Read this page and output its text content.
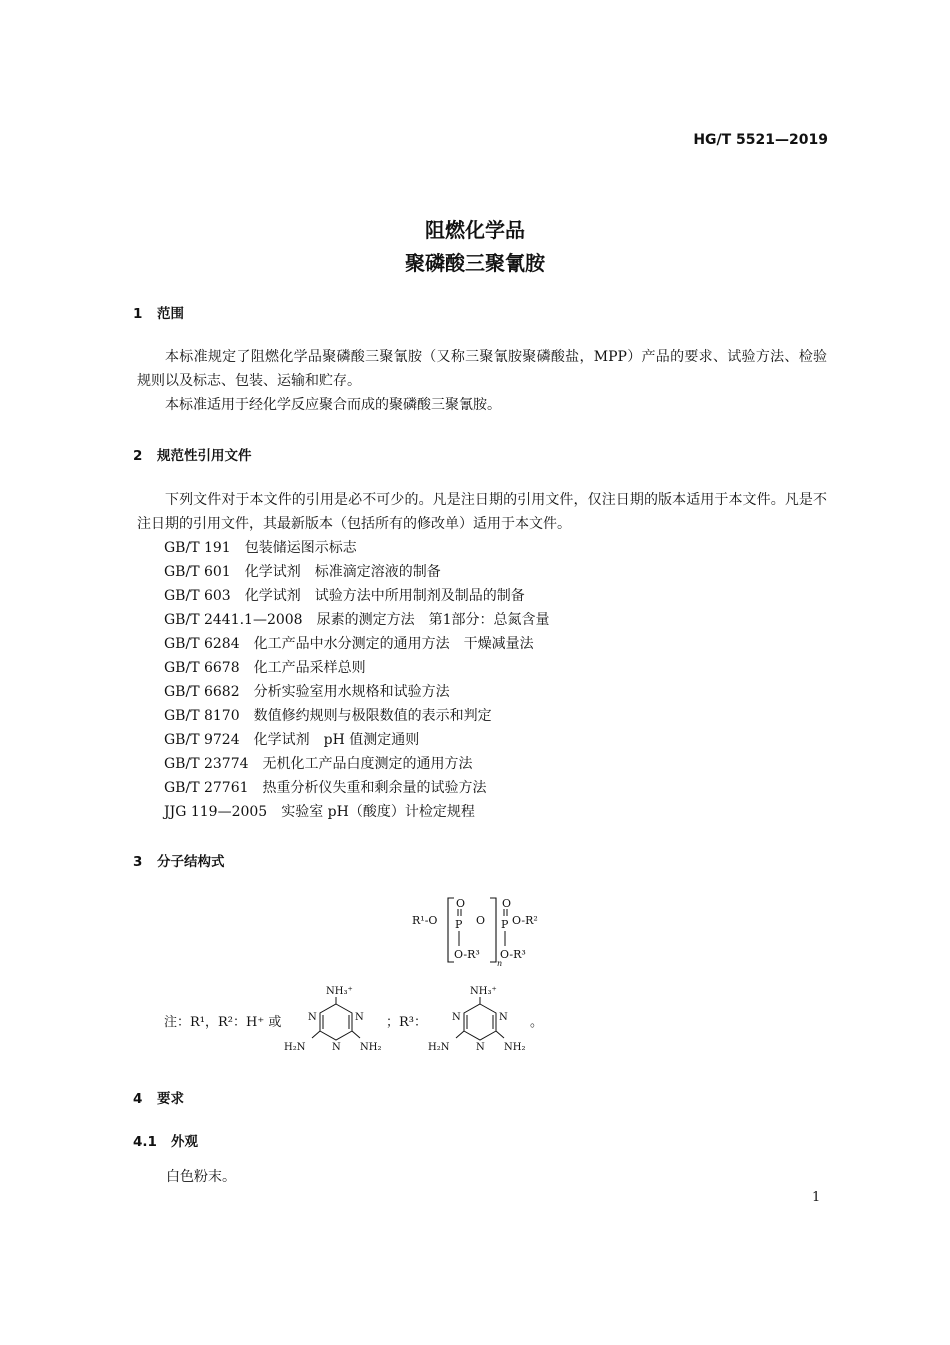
HG/T 5521—2019
阻燃化学品
聚磷酸三聚氰胺
1 范围

本标准规定了阻燃化学品聚磷酸三聚氰胺（又称三聚氰胺聚磷酸盐，MPP）产品的要求、试验方法、检验规则以及标志、包装、运输和贮存。

本标准适用于经化学反应聚合而成的聚磷酸三聚氰胺。

2 规范性引用文件

下列文件对于本文件的引用是必不可少的。凡是注日期的引用文件，仅注日期的版本适用于本文件。凡是不注日期的引用文件，其最新版本（包括所有的修改单）适用于本文件。

GB/T 191 包装储运图示标志
GB/T 601 化学试剂　标准滴定溶液的制备
GB/T 603 化学试剂　试验方法中所用制剂及制品的制备
GB/T 2441.1—2008 尿素的测定方法　第1部分：总氮含量
GB/T 6284 化工产品中水分测定的通用方法　干燥减量法
GB/T 6678 化工产品采样总则
GB/T 6682 分析实验室用水规格和试验方法
GB/T 8170 数值修约规则与极限数值的表示和判定
GB/T 9724 化学试剂　pH 值测定通则
GB/T 23774 无机化工产品白度测定的通用方法
GB/T 27761 热重分析仪失重和剩余量的试验方法
JJG 119—2005 实验室 pH（酸度）计检定规程
3 分子结构式
R¹-O
O
P
O-R³
O
n
O
P
O-R³
O-R²
注：R¹，R²：H⁺ 或
NH₃⁺
N	N
N
H₂N	NH₂
；R³：
NH₃⁺
N	N
N
H₂N	NH₂
。
4 要求
4.1 外观
白色粉末。
1
